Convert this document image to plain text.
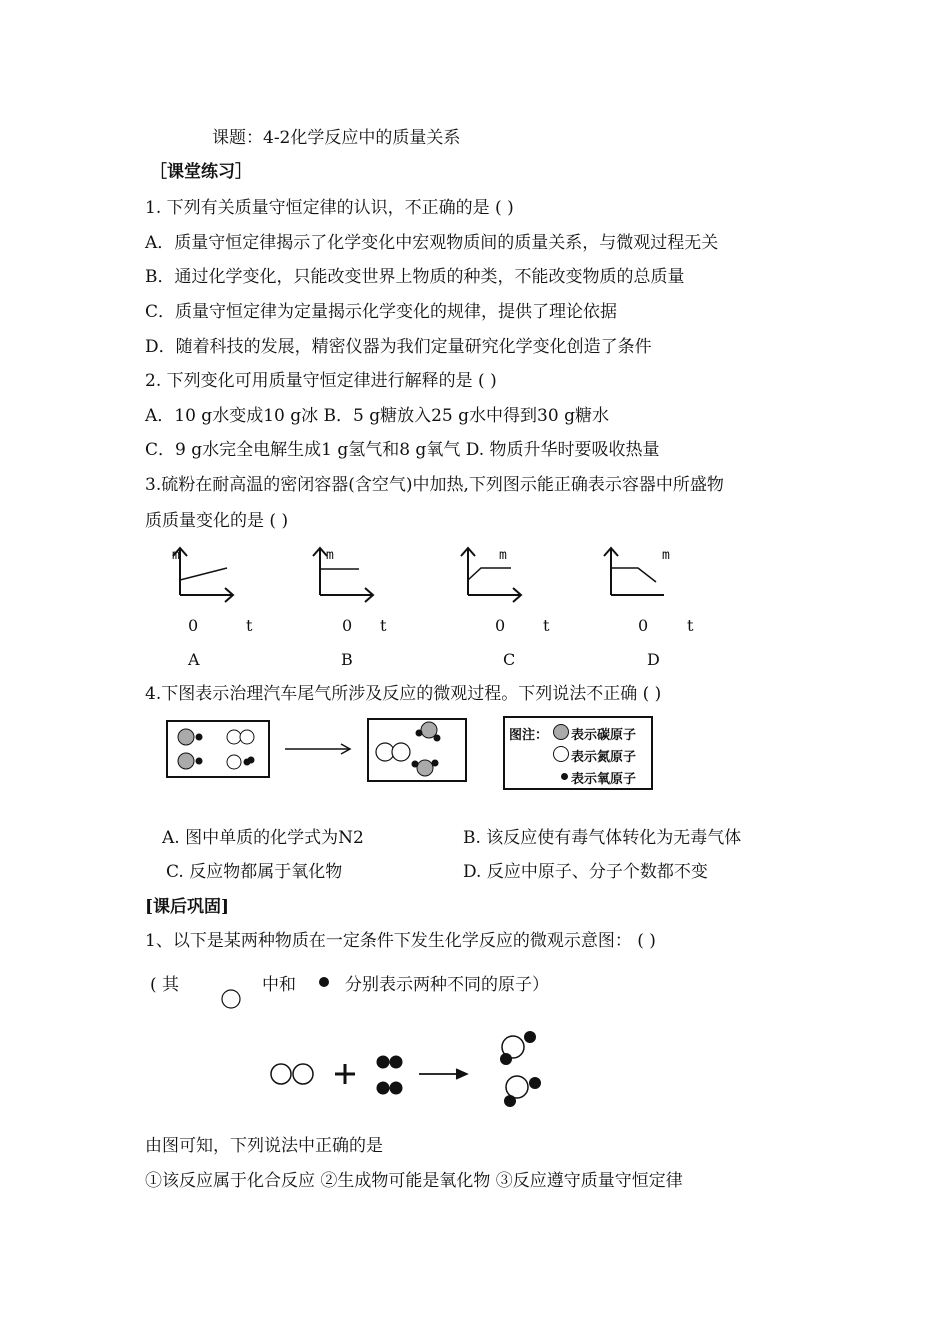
课题：4-2化学反应中的质量关系
［课堂练习］
1. 下列有关质量守恒定律的认识，不正确的是 ( )
A．质量守恒定律揭示了化学变化中宏观物质间的质量关系，与微观过程无关
B．通过化学变化，只能改变世界上物质的种类，不能改变物质的总质量
C．质量守恒定律为定量揭示化学变化的规律，提供了理论依据
D．随着科技的发展，精密仪器为我们定量研究化学变化创造了条件
2. 下列变化可用质量守恒定律进行解释的是 ( )
A．10 g水变成10 g冰 B．5 g糖放入25 g水中得到30 g糖水
C．9 g水完全电解生成1 g氢气和8 g氧气 D. 物质升华时要吸收热量
3.硫粉在耐高温的密闭容器(含空气)中加热,下列图示能正确表示容器中所盛物
质质量变化的是 ( )
m
0	t
A
m
0 t
B
m
0 t
C
m
0 t
D
4.下图表示治理汽车尾气所涉及反应的微观过程。下列说法不正确 ( )
图注： 表示碳原子
表示氮原子
表示氧原子
A. 图中单质的化学式为N2	B. 该反应使有毒气体转化为无毒气体
C. 反应物都属于氧化物	D. 反应中原子、分子个数都不变
[课后巩固]
1、以下是某两种物质在一定条件下发生化学反应的微观示意图： ( )
( 其	中和	分别表示两种不同的原子）
由图可知，下列说法中正确的是
①该反应属于化合反应 ②生成物可能是氧化物 ③反应遵守质量守恒定律
